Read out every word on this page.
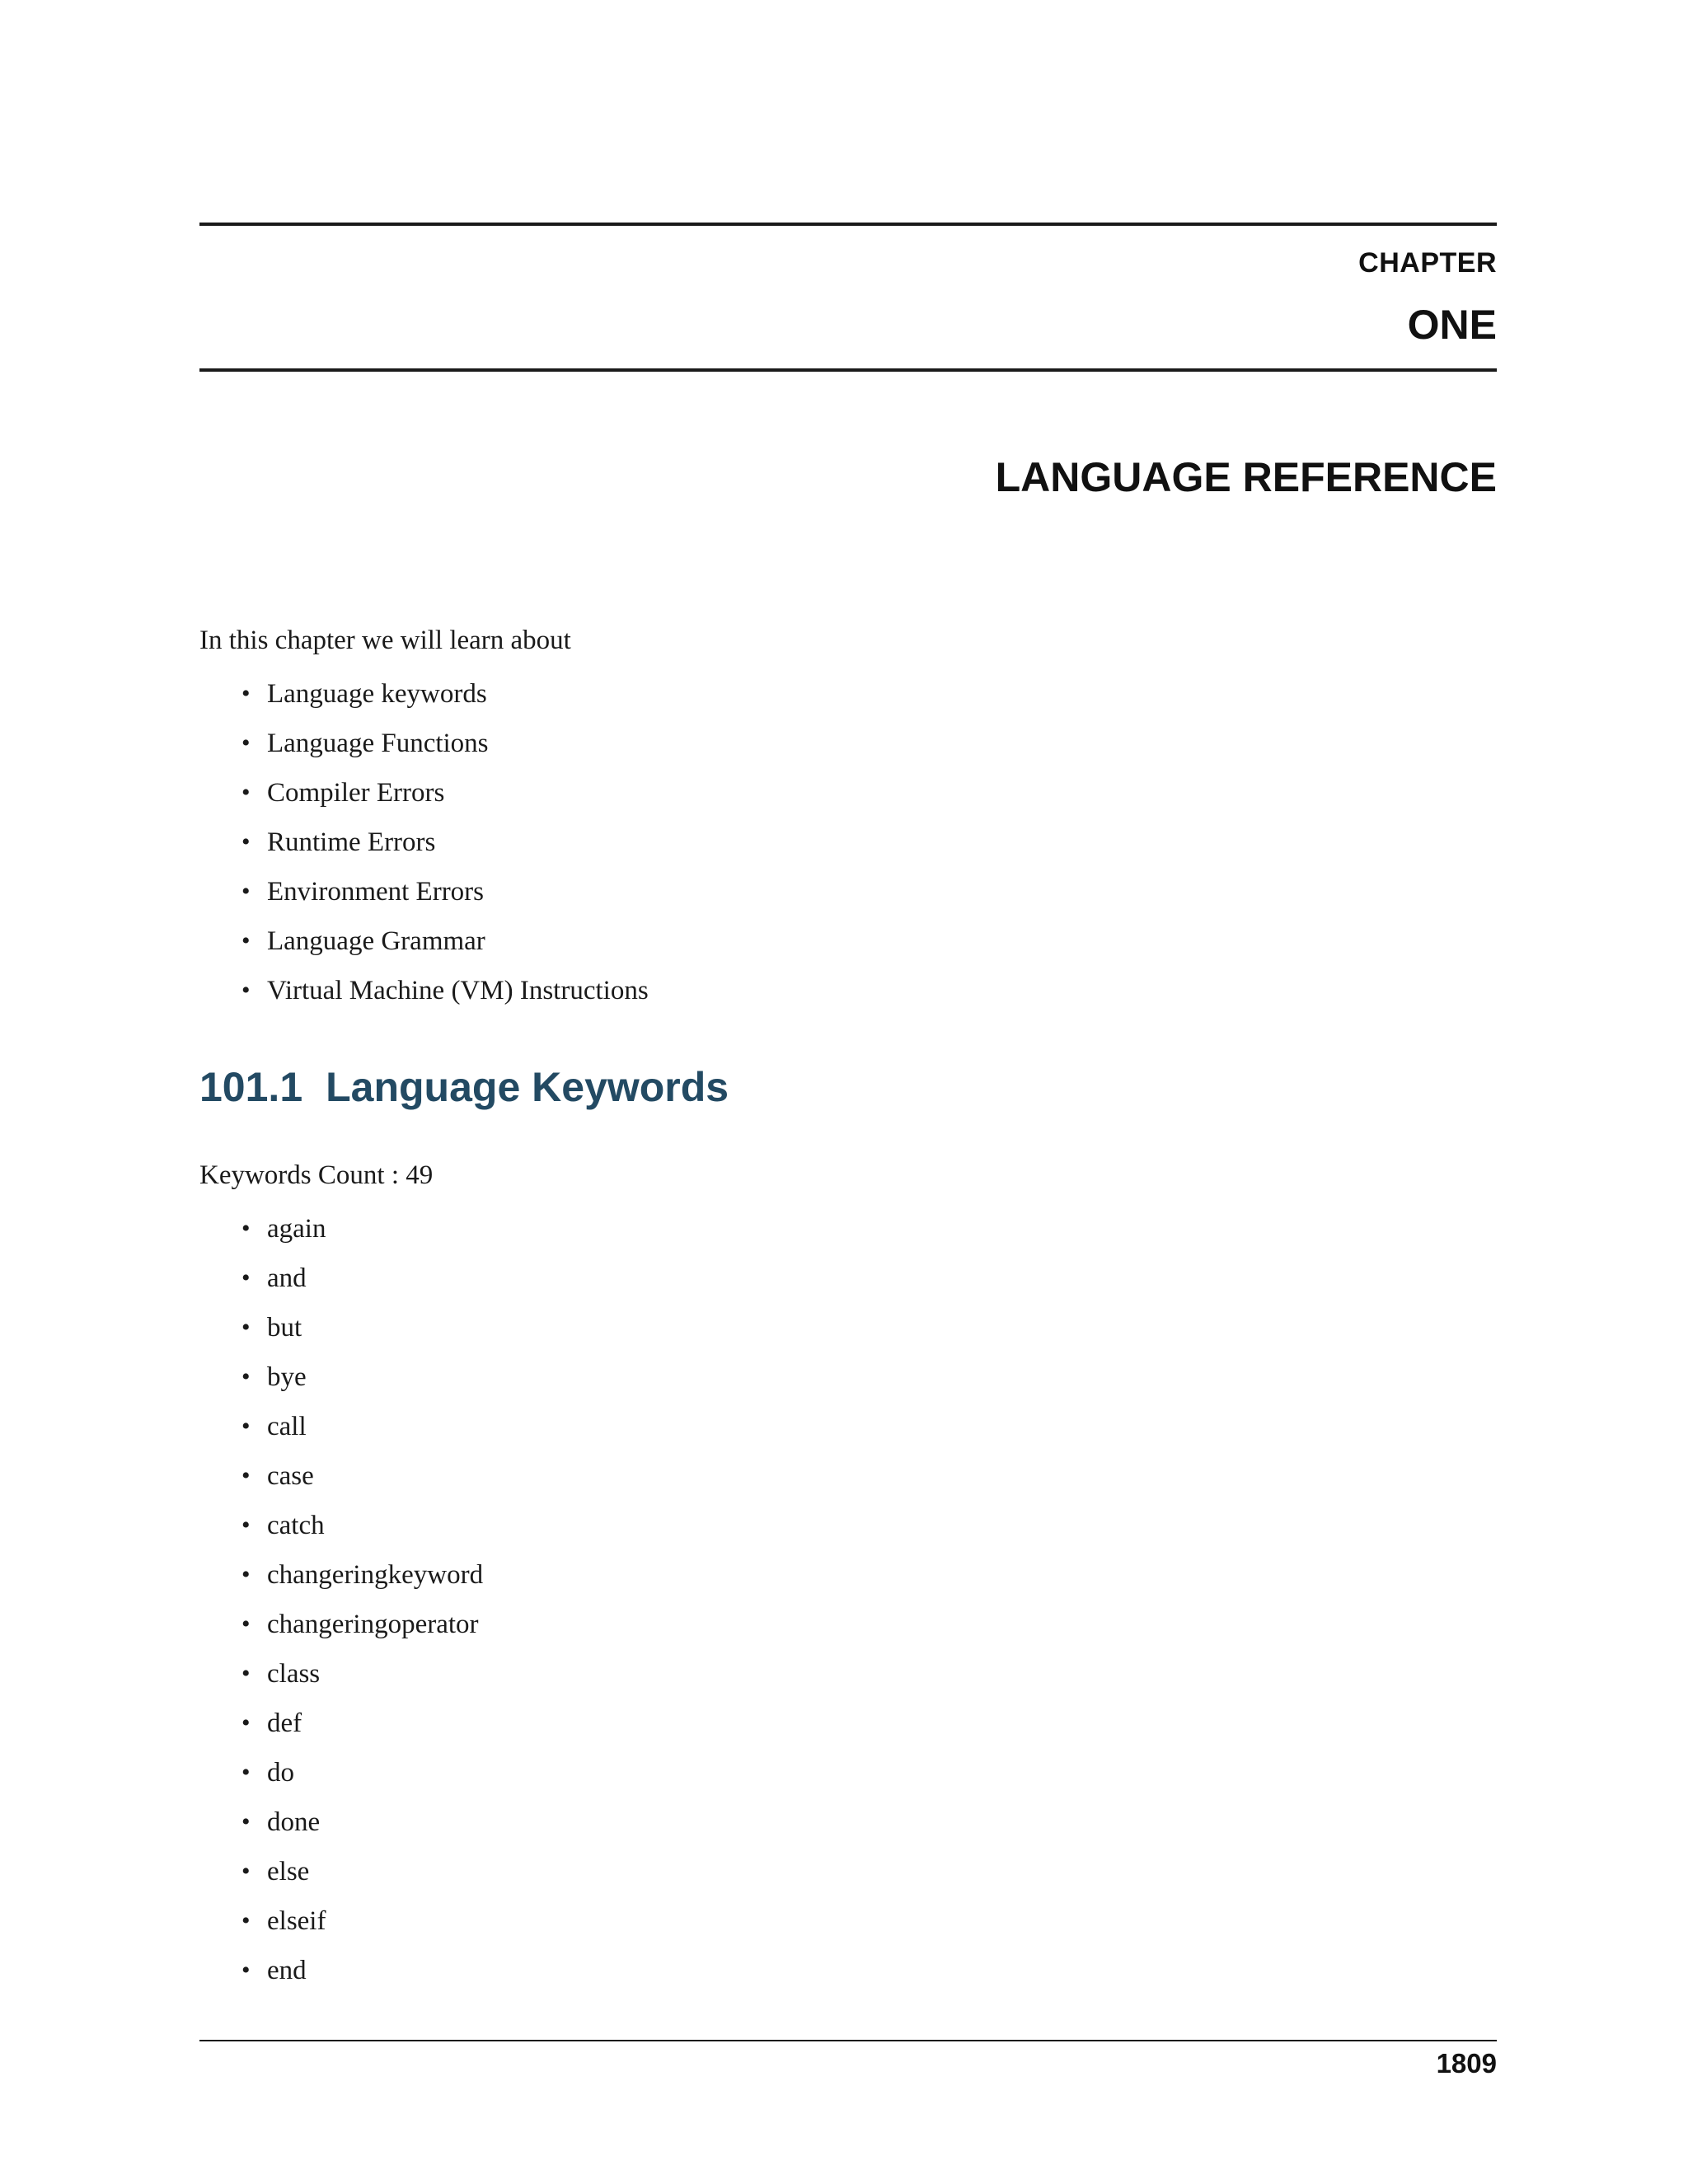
CHAPTER
ONE
LANGUAGE REFERENCE
In this chapter we will learn about
• Language keywords
• Language Functions
• Compiler Errors
• Runtime Errors
• Environment Errors
• Language Grammar
• Virtual Machine (VM) Instructions
101.1 Language Keywords
Keywords Count : 49
• again
• and
• but
• bye
• call
• case
• catch
• changeringkeyword
• changeringoperator
• class
• def
• do
• done
• else
• elseif
• end
1809
